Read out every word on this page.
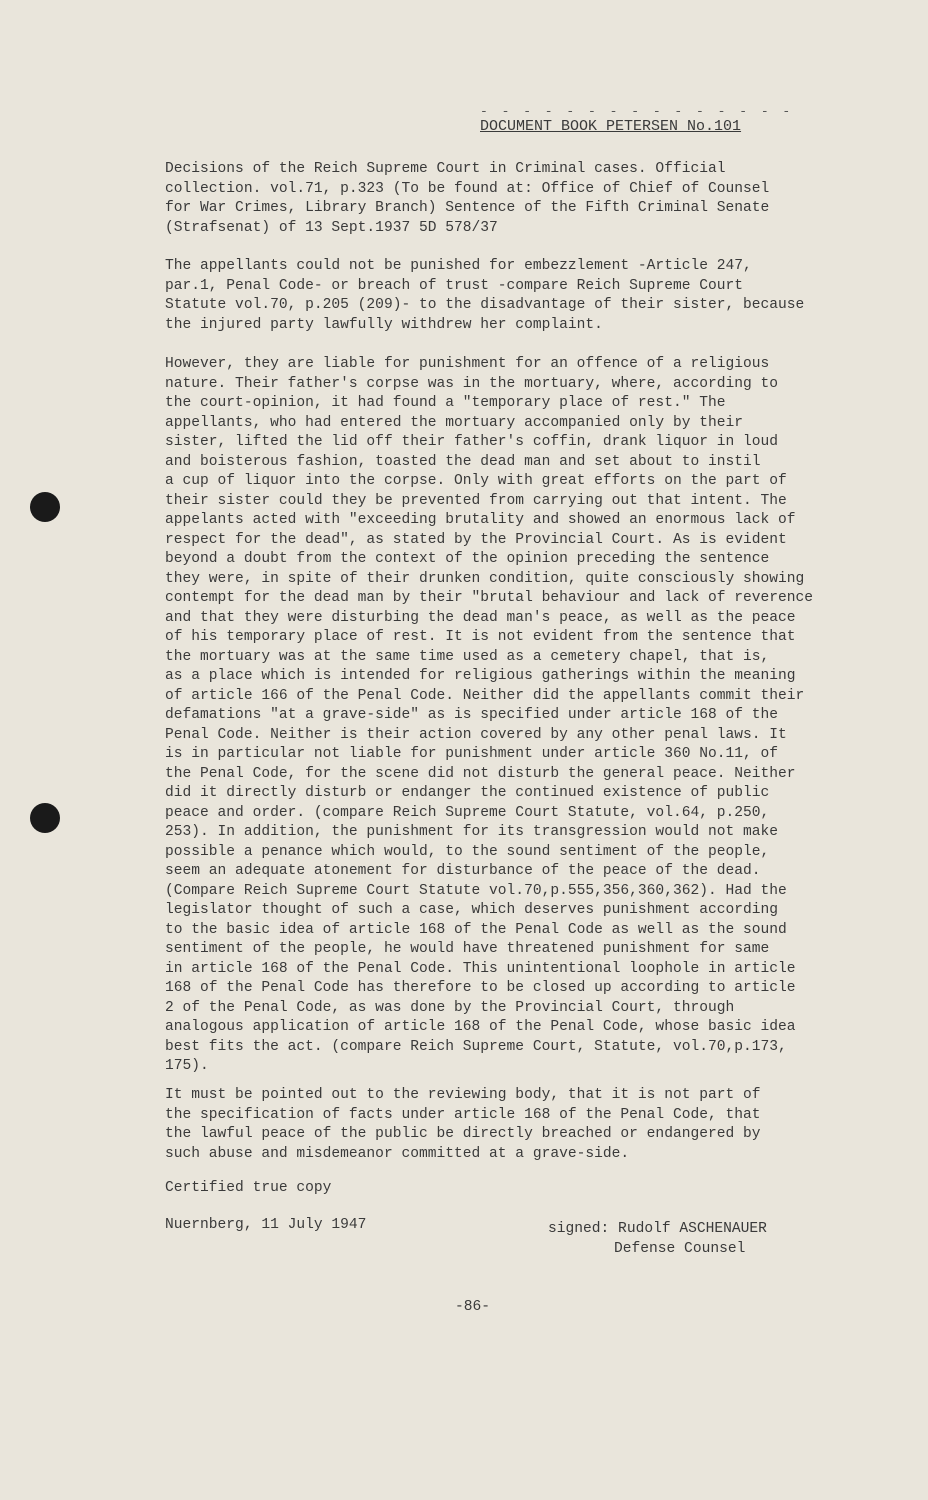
- - - - - - - - - - - - - - -
DOCUMENT BOOK PETERSEN No.101

Decisions of the Reich Supreme Court in Criminal cases. Official
collection. vol.71, p.323 (To be found at: Office of Chief of Counsel
for War Crimes, Library Branch) Sentence of the Fifth Criminal Senate
(Strafsenat) of 13 Sept.1937 5D 578/37

The appellants could not be punished for embezzlement -Article 247,
par.1, Penal Code- or breach of trust -compare Reich Supreme Court
Statute vol.70, p.205 (209)- to the disadvantage of their sister, because
the injured party lawfully withdrew her complaint.

However, they are liable for punishment for an offence of a religious
nature. Their father's corpse was in the mortuary, where, according to
the court-opinion, it had found a "temporary place of rest." The
appellants, who had entered the mortuary accompanied only by their
sister, lifted the lid off their father's coffin, drank liquor in loud
and boisterous fashion, toasted the dead man and set about to instil
a cup of liquor into the corpse. Only with great efforts on the part of
their sister could they be prevented from carrying out that intent. The
appelants acted with "exceeding brutality and showed an enormous lack of
respect for the dead", as stated by the Provincial Court. As is evident
beyond a doubt from the context of the opinion preceding the sentence
they were, in spite of their drunken condition, quite consciously showing
contempt for the dead man by their "brutal behaviour and lack of reverence
and that they were disturbing the dead man's peace, as well as the peace
of his temporary place of rest. It is not evident from the sentence that
the mortuary was at the same time used as a cemetery chapel, that is,
as a place which is intended for religious gatherings within the meaning
of article 166 of the Penal Code. Neither did the appellants commit their
defamations "at a grave-side" as is specified under article 168 of the
Penal Code. Neither is their action covered by any other penal laws. It
is in particular not liable for punishment under article 360 No.11, of
the Penal Code, for the scene did not disturb the general peace. Neither
did it directly disturb or endanger the continued existence of public
peace and order. (compare Reich Supreme Court Statute, vol.64, p.250,
253). In addition, the punishment for its transgression would not make
possible a penance which would, to the sound sentiment of the people,
seem an adequate atonement for disturbance of the peace of the dead.
(Compare Reich Supreme Court Statute vol.70,p.555,356,360,362). Had the
legislator thought of such a case, which deserves punishment according
to the basic idea of article 168 of the Penal Code as well as the sound
sentiment of the people, he would have threatened punishment for same
in article 168 of the Penal Code. This unintentional loophole in article
168 of the Penal Code has therefore to be closed up according to article
2 of the Penal Code, as was done by the Provincial Court, through
analogous application of article 168 of the Penal Code, whose basic idea
best fits the act. (compare Reich Supreme Court, Statute, vol.70,p.173,
175).

It must be pointed out to the reviewing body, that it is not part of
the specification of facts under article 168 of the Penal Code, that
the lawful peace of the public be directly breached or endangered by
such abuse and misdemeanor committed at a grave-side.

Certified true copy
Nuernberg, 11 July 1947	signed: Rudolf ASCHENAUER
Defense Counsel
-86-
